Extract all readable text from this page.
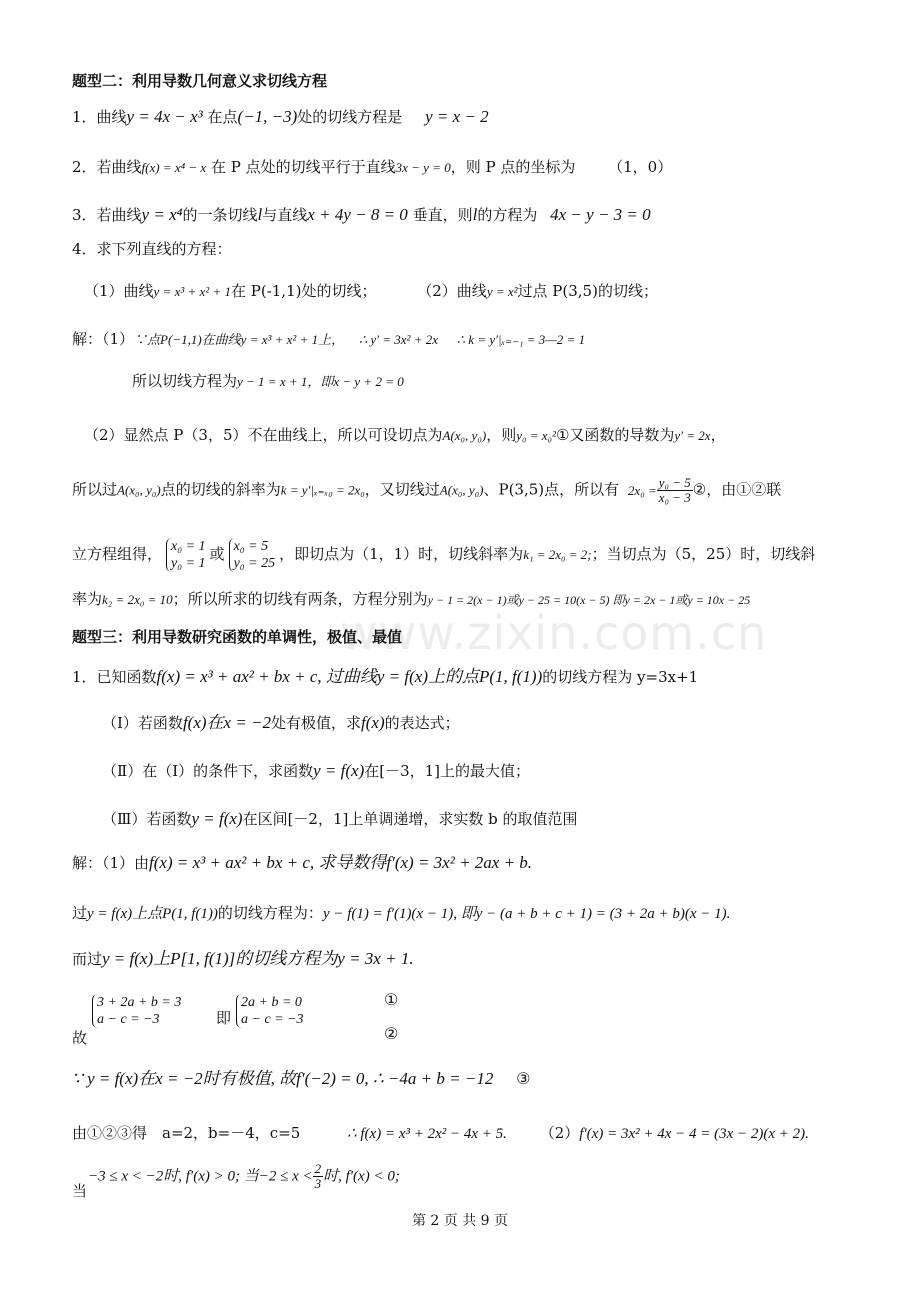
www.zixin.com.cn
题型二：利用导数几何意义求切线方程
1．曲线y = 4x − x³ 在点(−1, −3)处的切线方程是 y = x − 2
2．若曲线f(x) = x⁴ − x 在 P 点处的切线平行于直线3x − y = 0，则 P 点的坐标为 （1，0）
3．若曲线y = x⁴的一条切线l与直线x + 4y − 8 = 0 垂直，则l的方程为 4x − y − 3 = 0
4．求下列直线的方程：
（1）曲线y = x³ + x² + 1在 P(-1,1)处的切线；	（2）曲线y = x²过点 P(3,5)的切线；
解：（1）∵点P(−1,1)在曲线y = x³ + x² + 1上， ∴ y′ = 3x² + 2x ∴ k = y′|ₓ₌₋₁ = 3—2 = 1
所以切线方程为y − 1 = x + 1，即x − y + 2 = 0
（2）显然点 P（3，5）不在曲线上，所以可设切点为A(x₀, y₀)，则y₀ = x₀²①又函数的导数为y′ = 2x，
所以过A(x₀, y₀)点的切线的斜率为k = y′|ₓ₌ₓ₀ = 2x₀，又切线过A(x₀, y₀)、P(3,5)点，所以有 $2x_0 = \frac{\text{y₀ − 5}}{\text{x₀ − 3}}$ ②，由①②联
立方程组得， x₀ = 1
y₀ = 1或 x₀ = 5
y₀ = 25，即切点为（1，1）时，切线斜率为k₁ = 2x₀ = 2;；当切点为（5，25）时，切线斜
率为k₂ = 2x₀ = 10；所以所求的切线有两条，方程分别为y − 1 = 2(x − 1)或y − 25 = 10(x − 5) 即y = 2x − 1或y = 10x − 25
题型三：利用导数研究函数的单调性，极值、最值
1．已知函数f(x) = x³ + ax² + bx + c, 过曲线y = f(x)上的点P(1, f(1))的切线方程为 y=3x+1
（Ⅰ）若函数f(x)在x = −2处有极值，求f(x)的表达式；
（Ⅱ）在（Ⅰ）的条件下，求函数y = f(x)在[－3，1]上的最大值；
（Ⅲ）若函数y = f(x)在区间[－2，1]上单调递增，求实数 b 的取值范围
解：（1）由f(x) = x³ + ax² + bx + c, 求导数得f′(x) = 3x² + 2ax + b.
过y = f(x)上点P(1, f(1))的切线方程为：y − f(1) = f′(1)(x − 1), 即y − (a + b + c + 1) = (3 + 2a + b)(x − 1).
而过y = f(x)上P[1, f(1)]的切线方程为y = 3x + 1.
故
3 + 2a + b = 3
a − c = −3	即
2a + b = 0
a − c = −3
①
②
∵ y = f(x)在x = −2时有极值, 故f′(−2) = 0, ∴ −4a + b = −12 ③
由①②③得　a=2，b=－4，c=5	∴ f(x) = x³ + 2x² − 4x + 5. （2）f′(x) = 3x² + 4x − 4 = (3x − 2)(x + 2).
当
−3 ≤ x < −2时, f′(x) > 0; 当$-2 \le x < \frac{2}{3}$ 时, f′(x) < 0;
第 2 页 共 9 页
